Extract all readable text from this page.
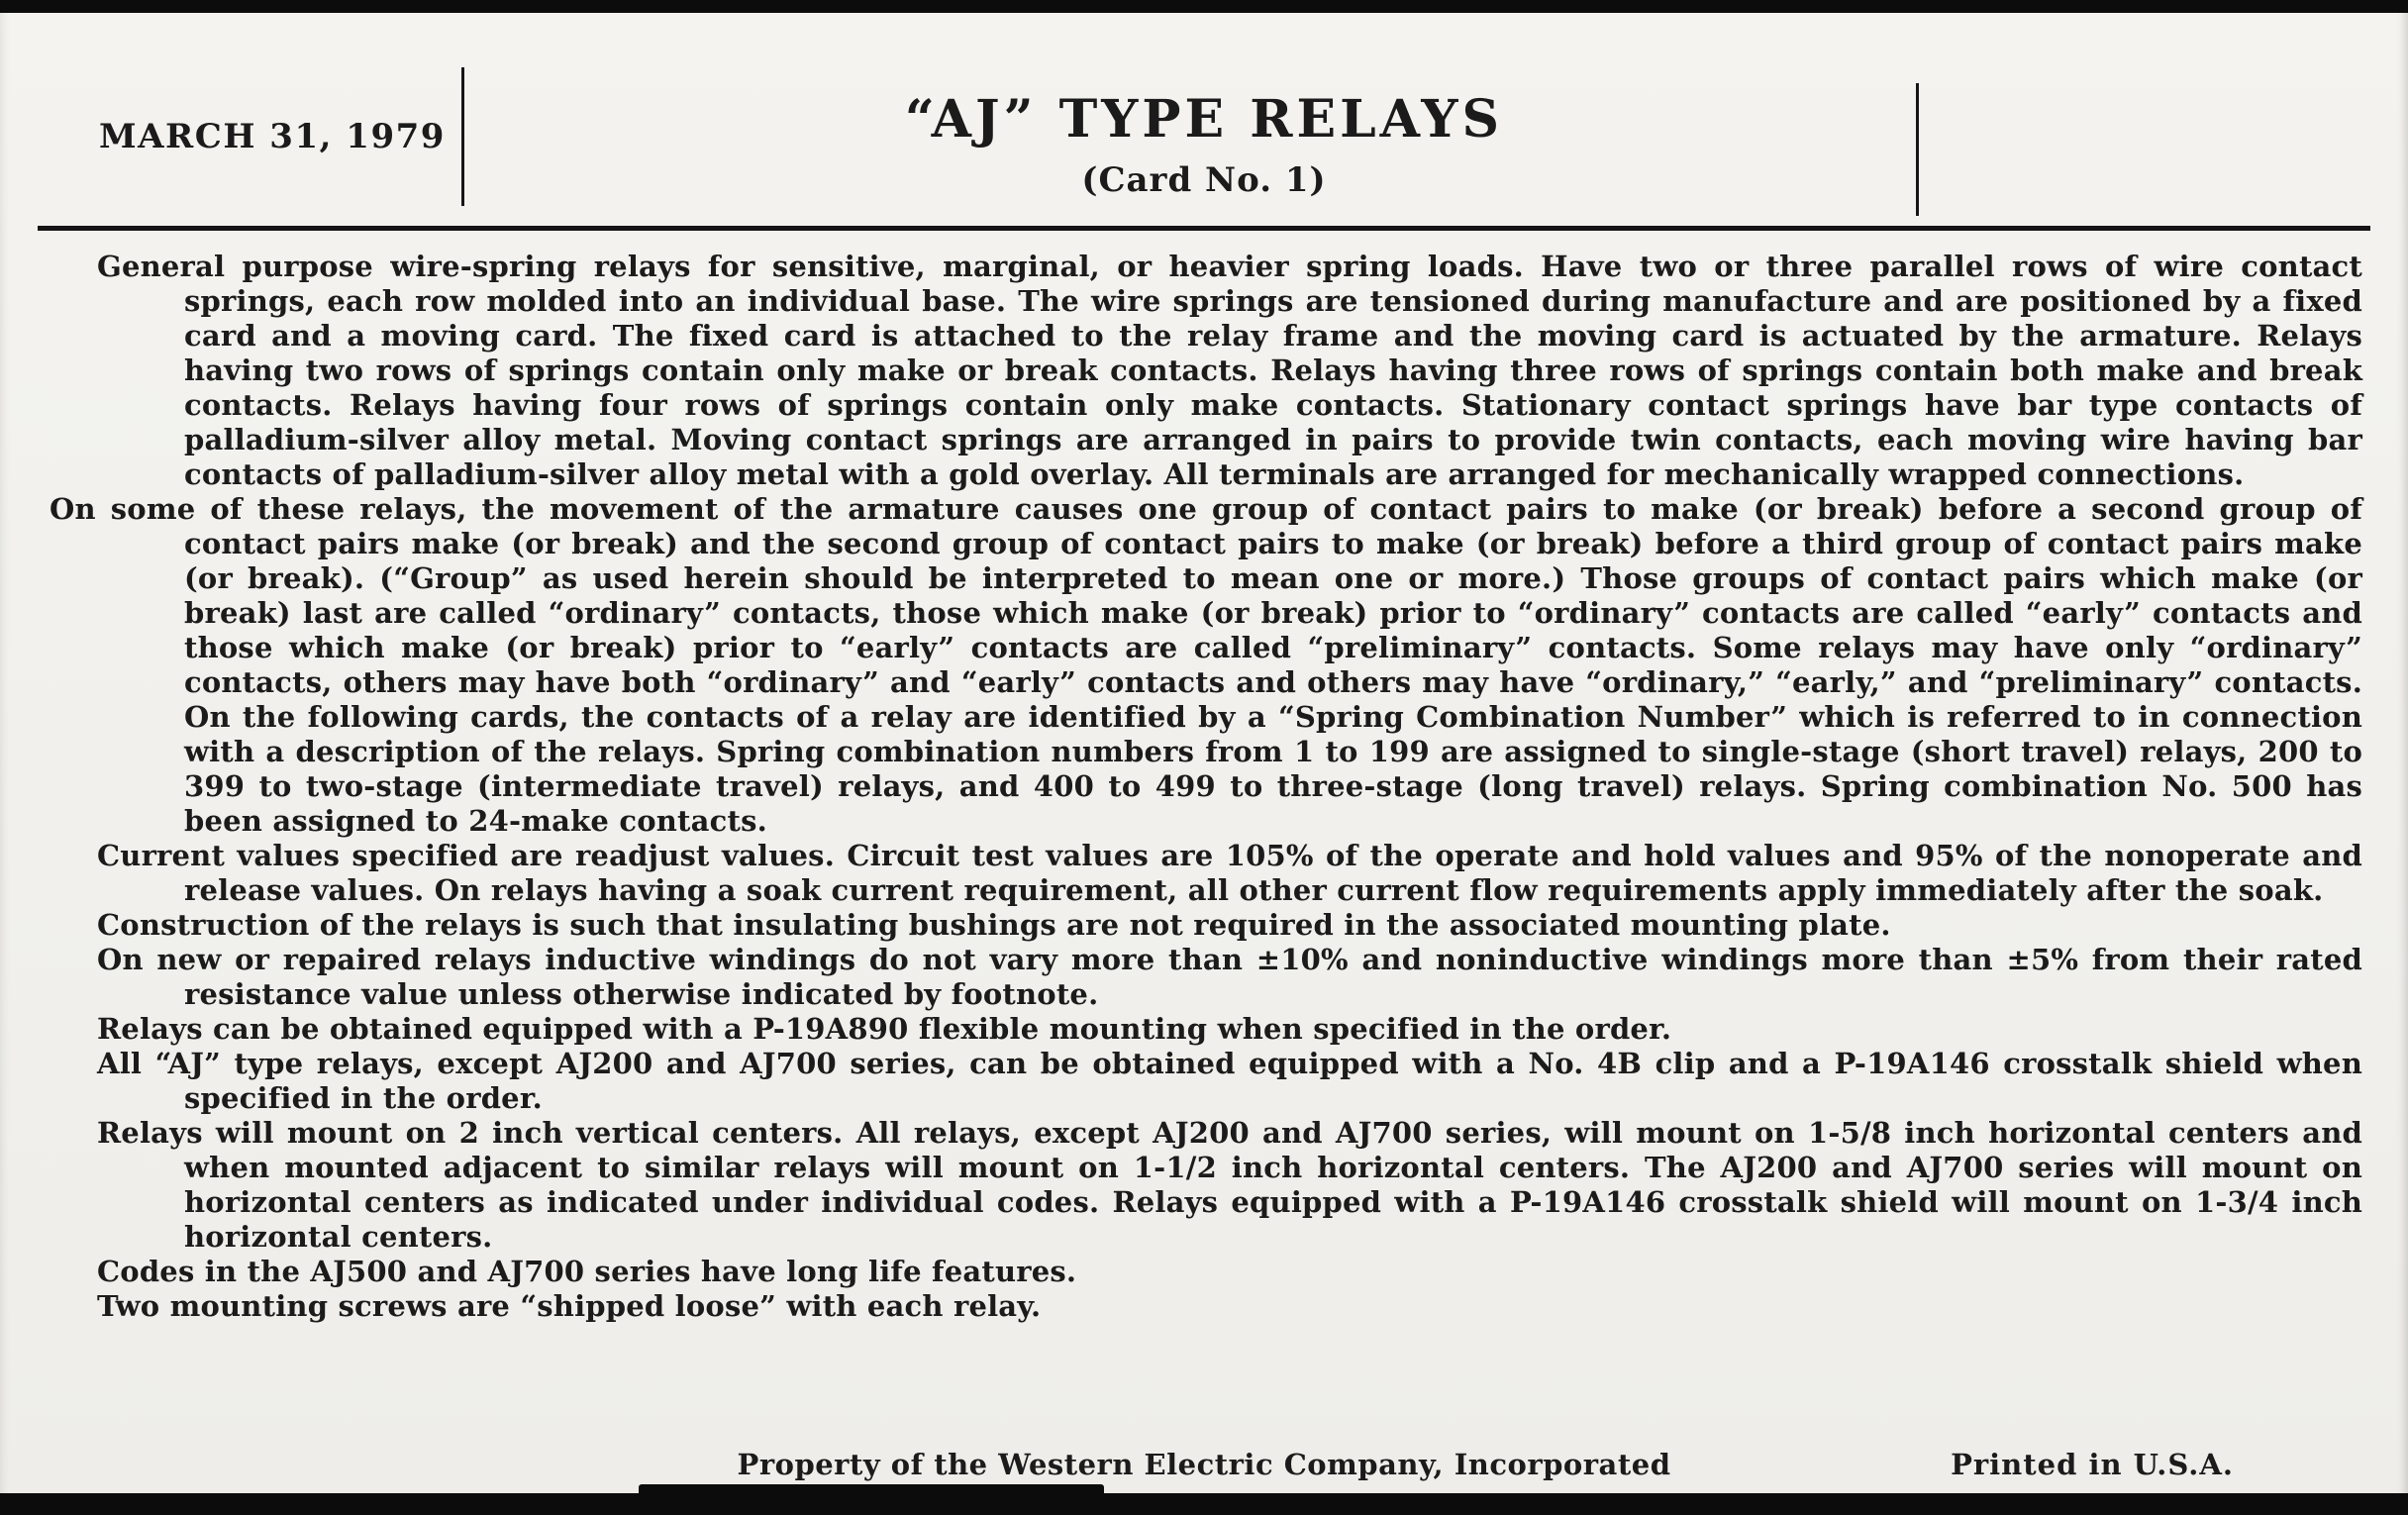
MARCH 31, 1979	“AJ” TYPE RELAYS
(Card No. 1)

General purpose wire-spring relays for sensitive, marginal, or heavier spring loads. Have two or three parallel rows of wire contact springs, each row molded into an individual base. The wire springs are tensioned during manufacture and are positioned by a fixed card and a moving card. The fixed card is attached to the relay frame and the moving card is actuated by the armature. Relays having two rows of springs contain only make or break contacts. Relays having three rows of springs contain both make and break contacts. Relays having four rows of springs contain only make contacts. Stationary contact springs have bar type contacts of palladium-silver alloy metal. Moving contact springs are arranged in pairs to provide twin contacts, each moving wire having bar contacts of palladium-silver alloy metal with a gold overlay. All terminals are arranged for mechanically wrapped connections.

On some of these relays, the movement of the armature causes one group of contact pairs to make (or break) before a second group of contact pairs make (or break) and the second group of contact pairs to make (or break) before a third group of contact pairs make (or break). (“Group” as used herein should be interpreted to mean one or more.) Those groups of contact pairs which make (or break) last are called “ordinary” contacts, those which make (or break) prior to “ordinary” contacts are called “early” contacts and those which make (or break) prior to “early” contacts are called “preliminary” contacts. Some relays may have only “ordinary” contacts, others may have both “ordinary” and “early” contacts and others may have “ordinary,” “early,” and “preliminary” contacts. On the following cards, the contacts of a relay are identified by a “Spring Combination Number” which is referred to in connection with a description of the relays. Spring combination numbers from 1 to 199 are assigned to single-stage (short travel) relays, 200 to 399 to two-stage (intermediate travel) relays, and 400 to 499 to three-stage (long travel) relays. Spring combination No. 500 has been assigned to 24-make contacts.

Current values specified are readjust values. Circuit test values are 105% of the operate and hold values and 95% of the nonoperate and release values. On relays having a soak current requirement, all other current flow requirements apply immediately after the soak.

Construction of the relays is such that insulating bushings are not required in the associated mounting plate.

On new or repaired relays inductive windings do not vary more than ±10% and noninductive windings more than ±5% from their rated resistance value unless otherwise indicated by footnote.

Relays can be obtained equipped with a P-19A890 flexible mounting when specified in the order.

All “AJ” type relays, except AJ200 and AJ700 series, can be obtained equipped with a No. 4B clip and a P-19A146 crosstalk shield when specified in the order.

Relays will mount on 2 inch vertical centers. All relays, except AJ200 and AJ700 series, will mount on 1-5/8 inch horizontal centers and when mounted adjacent to similar relays will mount on 1-1/2 inch horizontal centers. The AJ200 and AJ700 series will mount on horizontal centers as indicated under individual codes. Relays equipped with a P-19A146 crosstalk shield will mount on 1-3/4 inch horizontal centers.

Codes in the AJ500 and AJ700 series have long life features.

Two mounting screws are “shipped loose” with each relay.

Property of the Western Electric Company, Incorporated	Printed in U.S.A.
